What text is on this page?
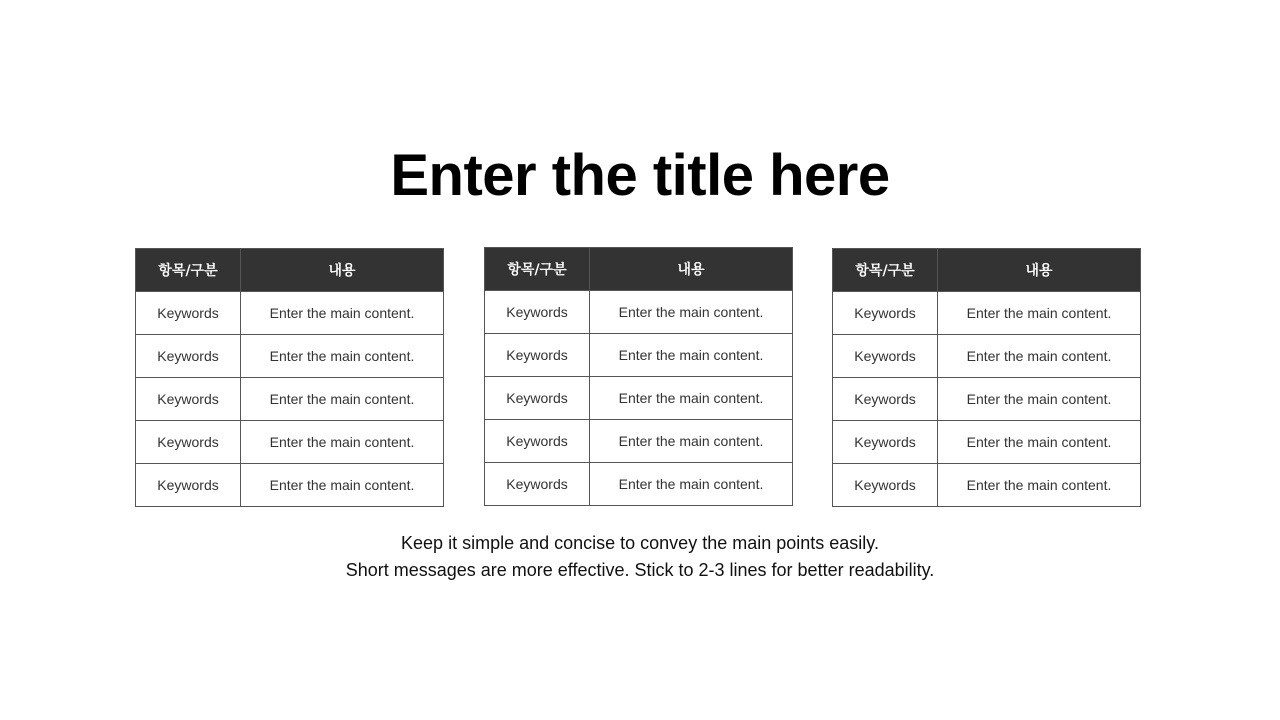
Enter the title here
항목/구분	내용
Keywords	Enter the main content.
Keywords	Enter the main content.
Keywords	Enter the main content.
Keywords	Enter the main content.
Keywords	Enter the main content.
항목/구분	내용
Keywords	Enter the main content.
Keywords	Enter the main content.
Keywords	Enter the main content.
Keywords	Enter the main content.
Keywords	Enter the main content.
항목/구분	내용
Keywords	Enter the main content.
Keywords	Enter the main content.
Keywords	Enter the main content.
Keywords	Enter the main content.
Keywords	Enter the main content.

Keep it simple and concise to convey the main points easily.

Short messages are more effective. Stick to 2-3 lines for better readability.
